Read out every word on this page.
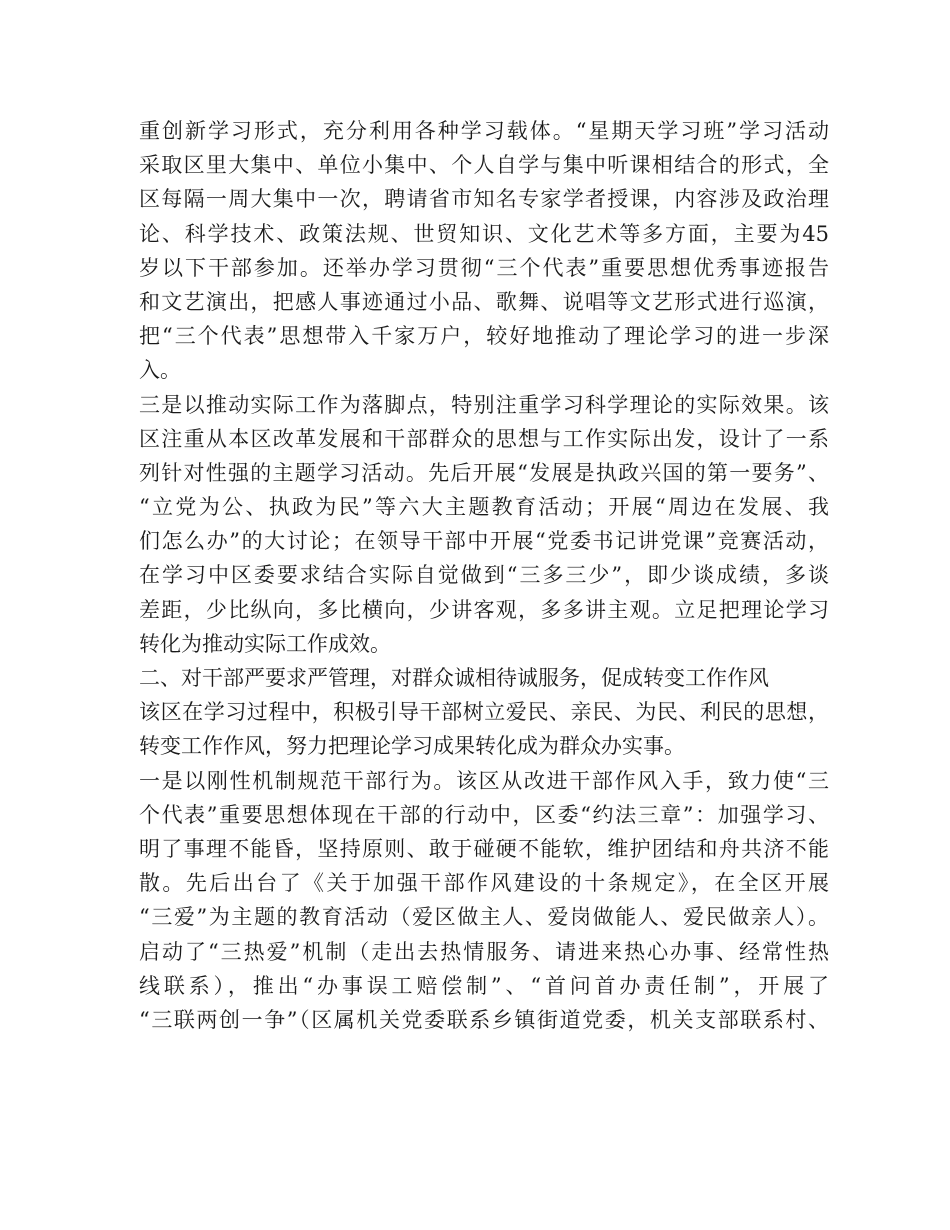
重创新学习形式，充分利用各种学习载体。“星期天学习班”学习活动
采取区里大集中、单位小集中、个人自学与集中听课相结合的形式，全
区每隔一周大集中一次，聘请省市知名专家学者授课，内容涉及政治理
论、科学技术、政策法规、世贸知识、文化艺术等多方面，主要为45
岁以下干部参加。还举办学习贯彻“三个代表”重要思想优秀事迹报告
和文艺演出，把感人事迹通过小品、歌舞、说唱等文艺形式进行巡演，
把“三个代表”思想带入千家万户，较好地推动了理论学习的进一步深
入。
三是以推动实际工作为落脚点，特别注重学习科学理论的实际效果。该
区注重从本区改革发展和干部群众的思想与工作实际出发，设计了一系
列针对性强的主题学习活动。先后开展“发展是执政兴国的第一要务”、
“立党为公、执政为民”等六大主题教育活动；开展“周边在发展、我
们怎么办”的大讨论；在领导干部中开展“党委书记讲党课”竞赛活动，
在学习中区委要求结合实际自觉做到“三多三少”，即少谈成绩，多谈
差距，少比纵向，多比横向，少讲客观，多多讲主观。立足把理论学习
转化为推动实际工作成效。
二、对干部严要求严管理，对群众诚相待诚服务，促成转变工作作风
该区在学习过程中，积极引导干部树立爱民、亲民、为民、利民的思想，
转变工作作风，努力把理论学习成果转化成为群众办实事。
一是以刚性机制规范干部行为。该区从改进干部作风入手，致力使“三
个代表”重要思想体现在干部的行动中，区委“约法三章”：加强学习、
明了事理不能昏，坚持原则、敢于碰硬不能软，维护团结和舟共济不能
散。先后出台了《关于加强干部作风建设的十条规定》，在全区开展
“三爱”为主题的教育活动（爱区做主人、爱岗做能人、爱民做亲人）。
启动了“三热爱”机制（走出去热情服务、请进来热心办事、经常性热
线联系），推出“办事误工赔偿制”、“首问首办责任制”，开展了
“三联两创一争”（区属机关党委联系乡镇街道党委，机关支部联系村、
